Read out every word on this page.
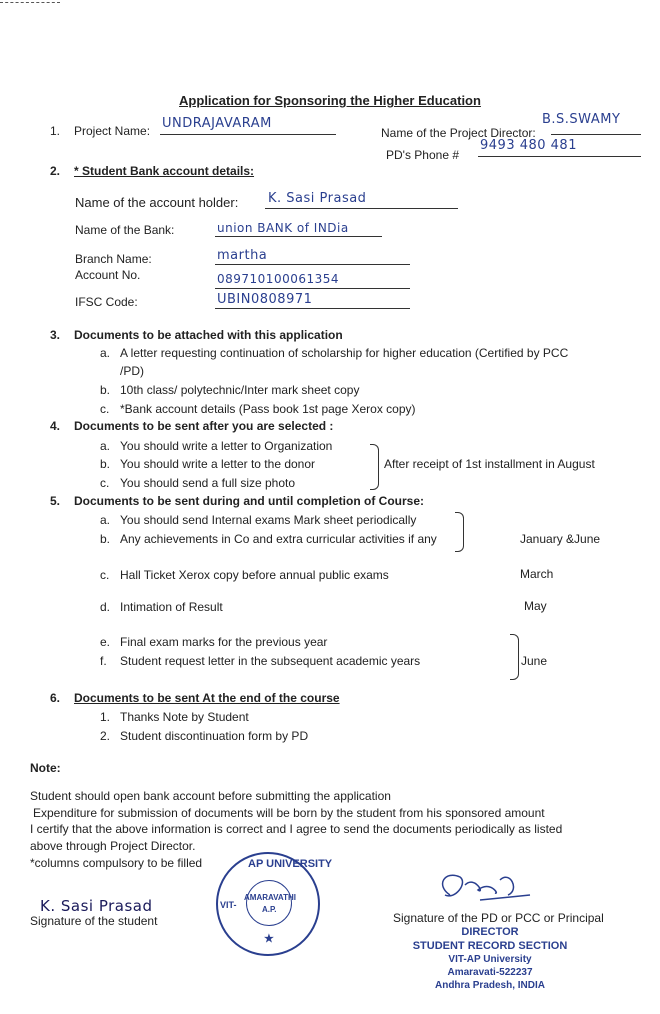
Application for Sponsoring the Higher Education
1. Project Name: UNDRAJAVARAM
Name of the Project Director:
B.S.SWAMY
PD's Phone #
9493 480 481
2. * Student Bank account details:
Name of the account holder: K. Sasi Prasad
Name of the Bank:	union BANK of INDia
Branch Name:	martha
Account No.	089710100061354
IFSC Code:	UBIN0808971
3. Documents to be attached with this application
a. A letter requesting continuation of scholarship for higher education (Certified by PCC
/PD)
b. 10th class/ polytechnic/Inter mark sheet copy
c. *Bank account details (Pass book 1st page Xerox copy)
4. Documents to be sent after you are selected :
a. You should write a letter to Organization
b. You should write a letter to the donor
c. You should send a full size photo
After receipt of 1st installment in August
5. Documents to be sent during and until completion of Course:
a. You should send Internal exams Mark sheet periodically
b. Any achievements in Co and extra curricular activities if any	January &June
c. Hall Ticket Xerox copy before annual public exams	March
d. Intimation of Result	May
e. Final exam marks for the previous year
f. Student request letter in the subsequent academic years	June
6. Documents to be sent At the end of the course
1. Thanks Note by Student
2. Student discontinuation form by PD
Note:
Student should open bank account before submitting the application
Expenditure for submission of documents will be born by the student from his sponsored amount
I certify that the above information is correct and I agree to send the documents periodically as listed
above through Project Director.
*columns compulsory to be filled
K. Sasi Prasad
Signature of the student
AP UNIVERSITY
VIT-
AMARAVATHI
A.P.
★
Signature of the PD or PCC or Principal
DIRECTOR
STUDENT RECORD SECTION
VIT-AP University
Amaravati-522237
Andhra Pradesh, INDIA
